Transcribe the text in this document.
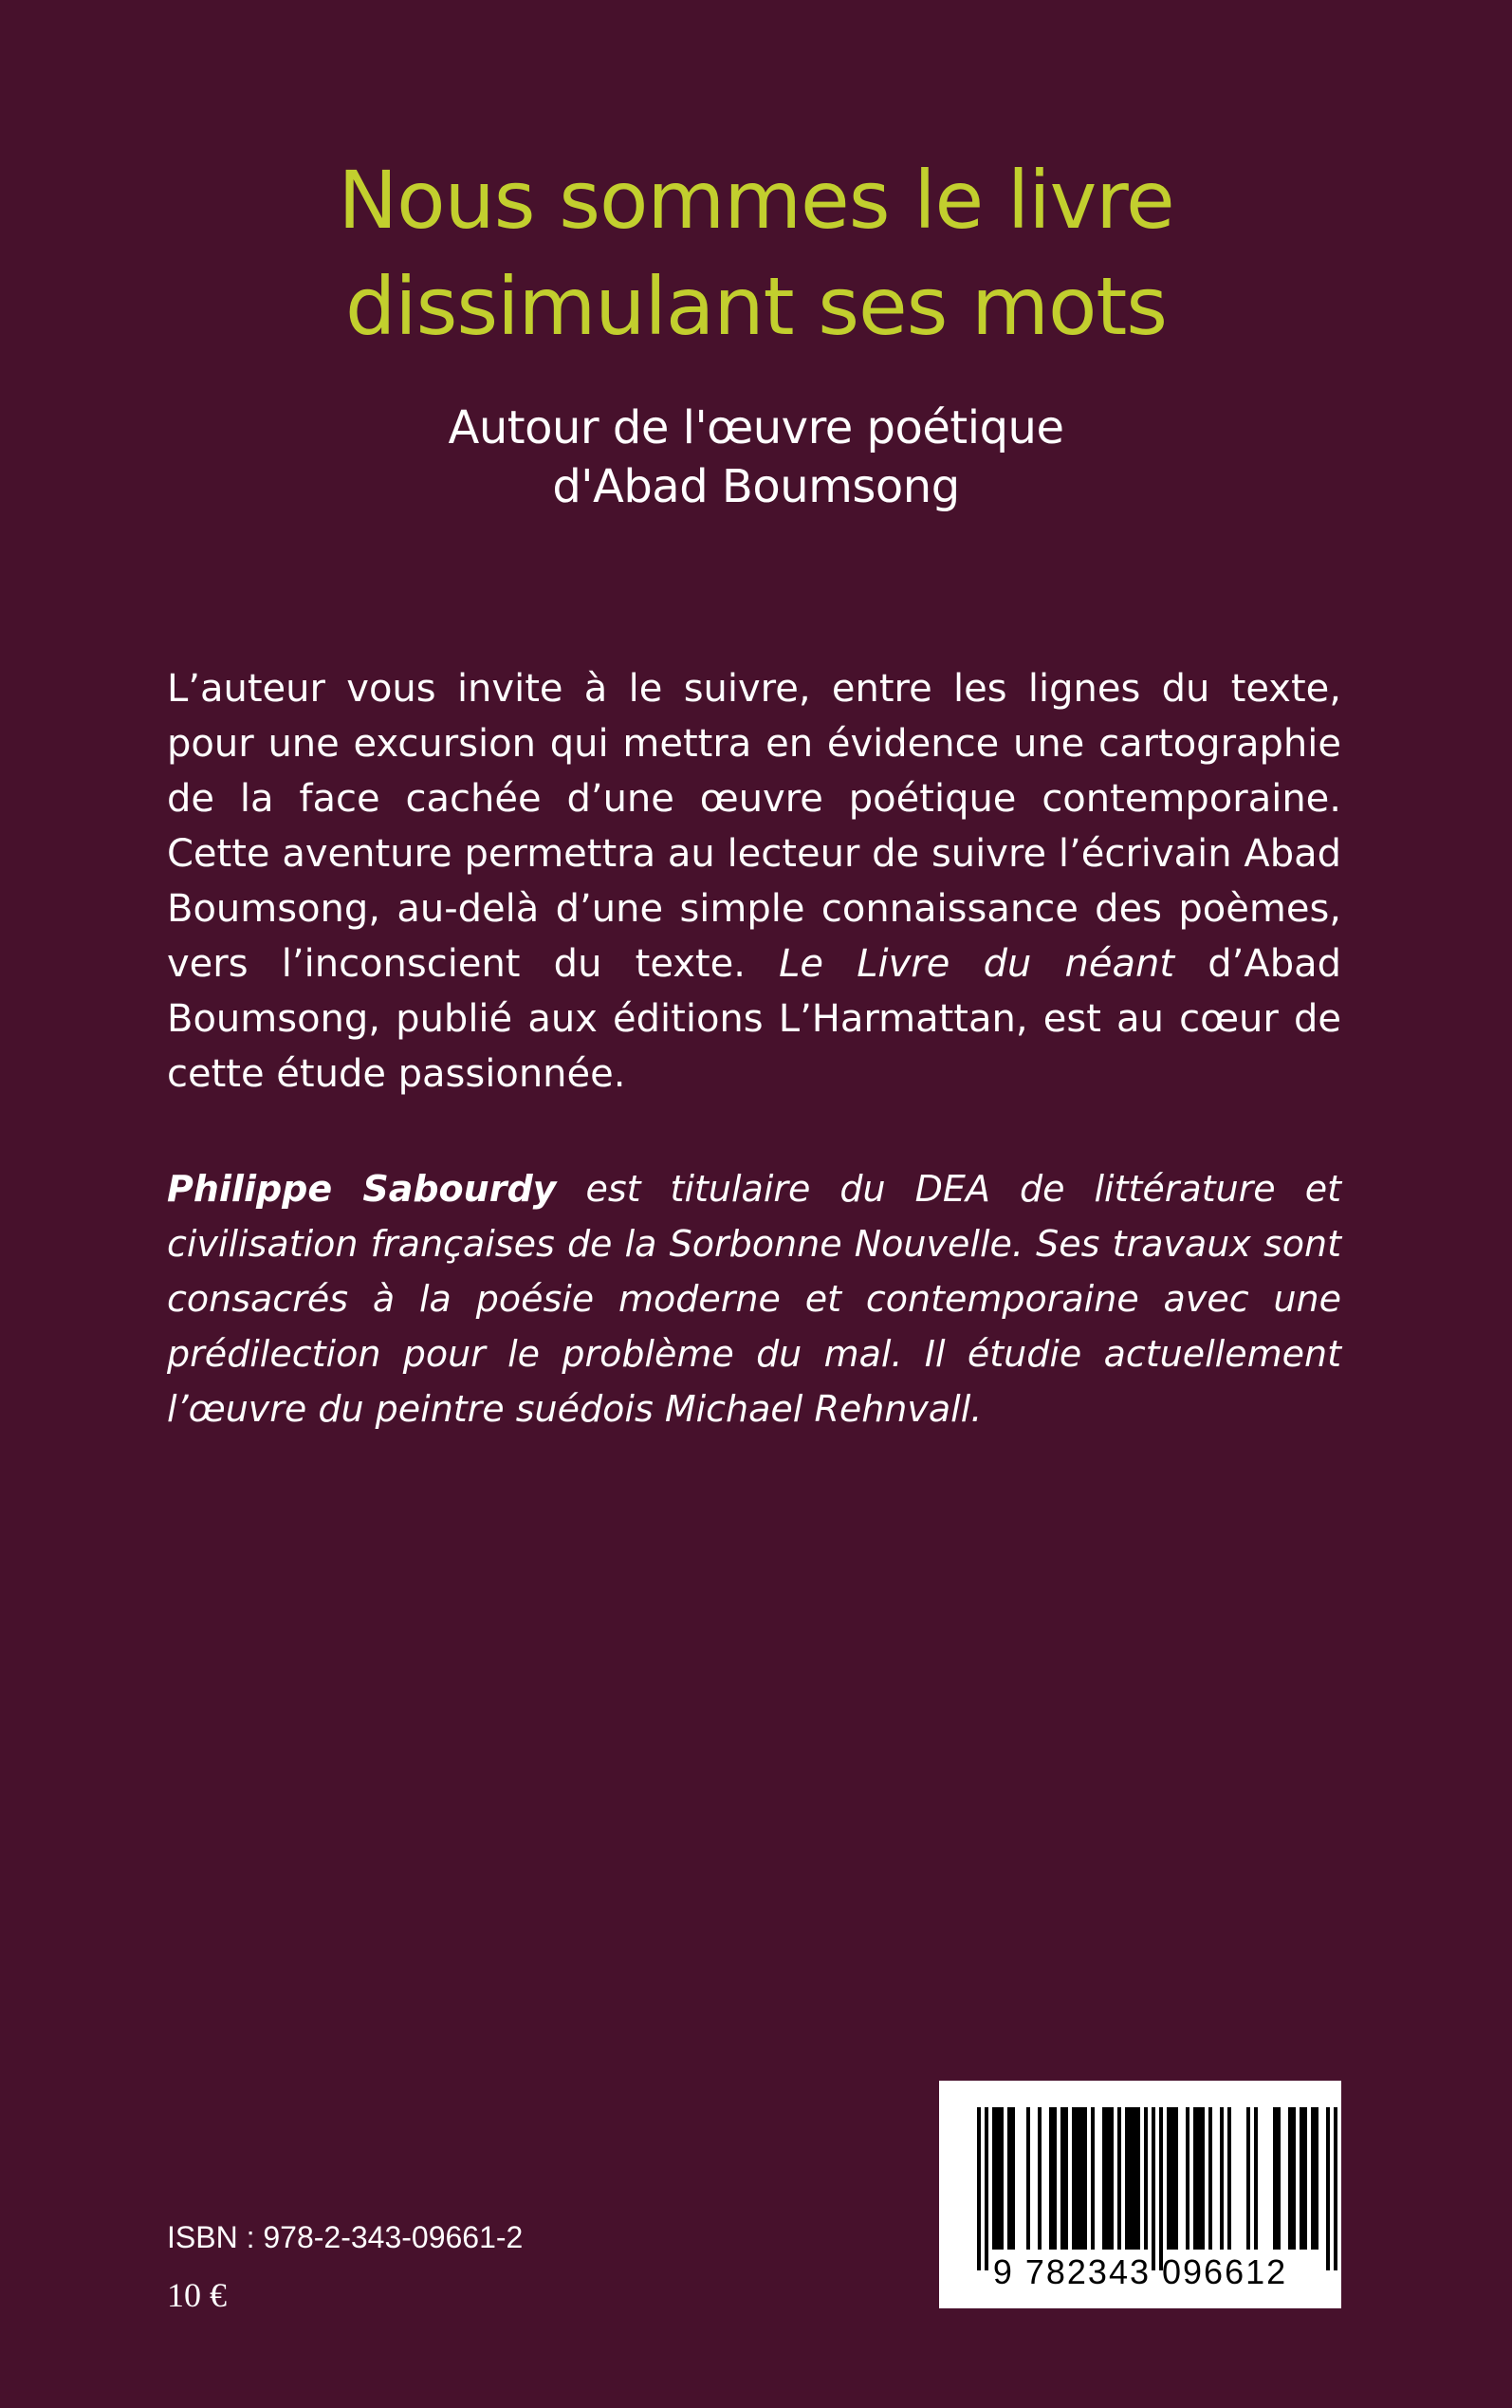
Nous sommes le livre
dissimulant ses mots
Autour de l'œuvre poétique
d'Abad Boumsong

L’auteur vous invite à le suivre, entre les lignes du texte, pour une excursion qui mettra en évidence une cartographie de la face cachée d’une œuvre poétique contemporaine. Cette aventure permettra au lecteur de suivre l’écrivain Abad Boumsong, au-delà d’une simple connaissance des poèmes, vers l’inconscient du texte. Le Livre du néant d’Abad Boumsong, publié aux éditions L’Harmattan, est au cœur de cette étude passionnée.

Philippe Sabourdy est titulaire du DEA de littérature et civilisation françaises de la Sorbonne Nouvelle. Ses travaux sont consacrés à la poésie moderne et contemporaine avec une prédilection pour le problème du mal. Il étudie actuellement l’œuvre du peintre suédois Michael Rehnvall.

ISBN : 978-2-343-09661-2
10 €
9 782343 096612
